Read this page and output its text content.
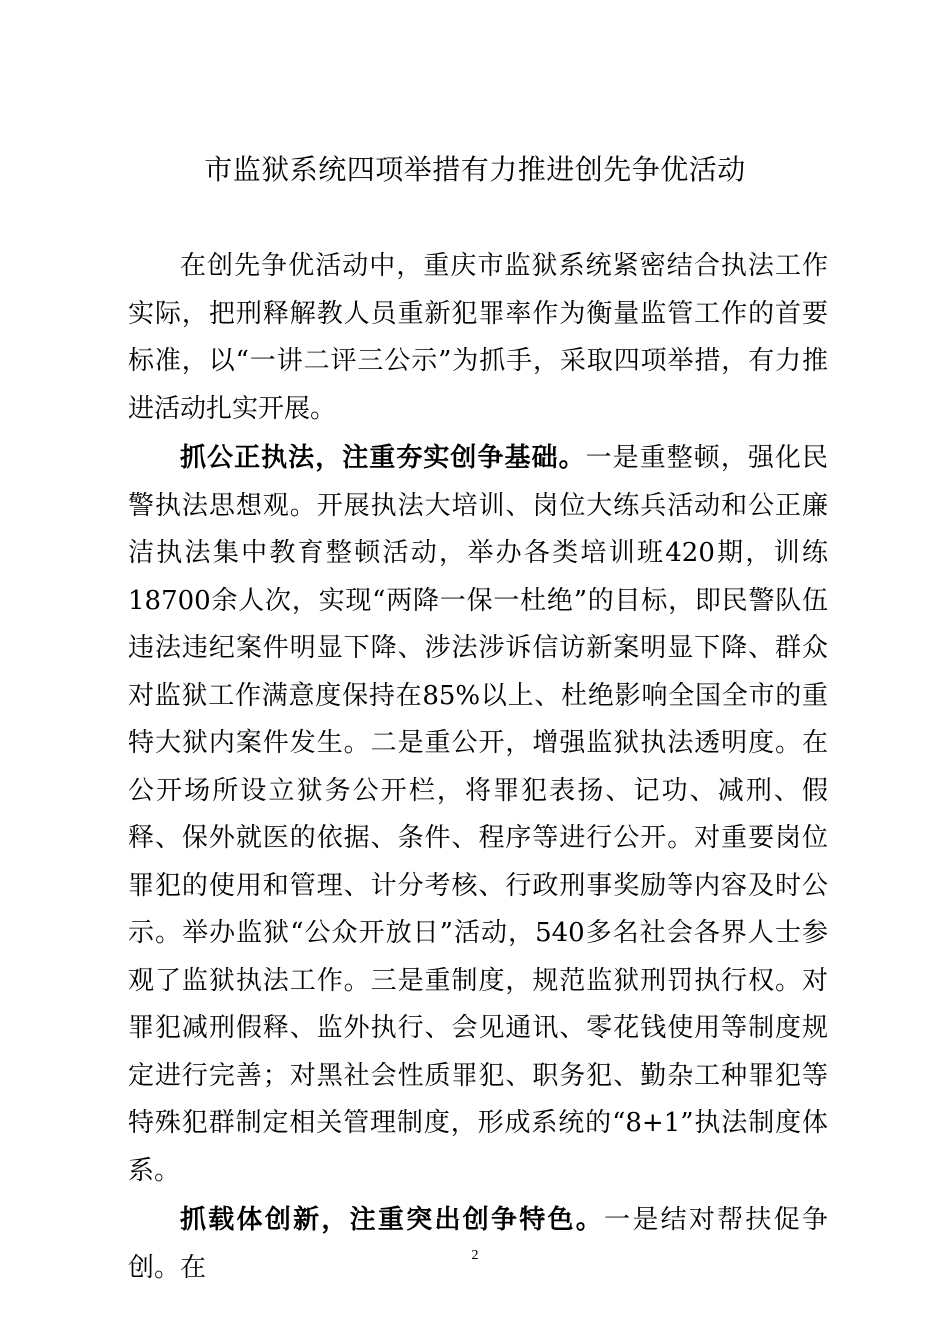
市监狱系统四项举措有力推进创先争优活动

在创先争优活动中，重庆市监狱系统紧密结合执法工作实际，把刑释解教人员重新犯罪率作为衡量监管工作的首要标准，以“一讲二评三公示”为抓手，采取四项举措，有力推进活动扎实开展。

抓公正执法，注重夯实创争基础。一是重整顿，强化民警执法思想观。开展执法大培训、岗位大练兵活动和公正廉洁执法集中教育整顿活动，举办各类培训班420期，训练18700余人次，实现“两降一保一杜绝”的目标，即民警队伍违法违纪案件明显下降、涉法涉诉信访新案明显下降、群众对监狱工作满意度保持在85%以上、杜绝影响全国全市的重特大狱内案件发生。二是重公开，增强监狱执法透明度。在公开场所设立狱务公开栏，将罪犯表扬、记功、减刑、假释、保外就医的依据、条件、程序等进行公开。对重要岗位罪犯的使用和管理、计分考核、行政刑事奖励等内容及时公示。举办监狱“公众开放日”活动，540多名社会各界人士参观了监狱执法工作。三是重制度，规范监狱刑罚执行权。对罪犯减刑假释、监外执行、会见通讯、零花钱使用等制度规定进行完善；对黑社会性质罪犯、职务犯、勤杂工种罪犯等特殊犯群制定相关管理制度，形成系统的“8+1”执法制度体系。

抓载体创新，注重突出创争特色。一是结对帮扶促争创。在	2
